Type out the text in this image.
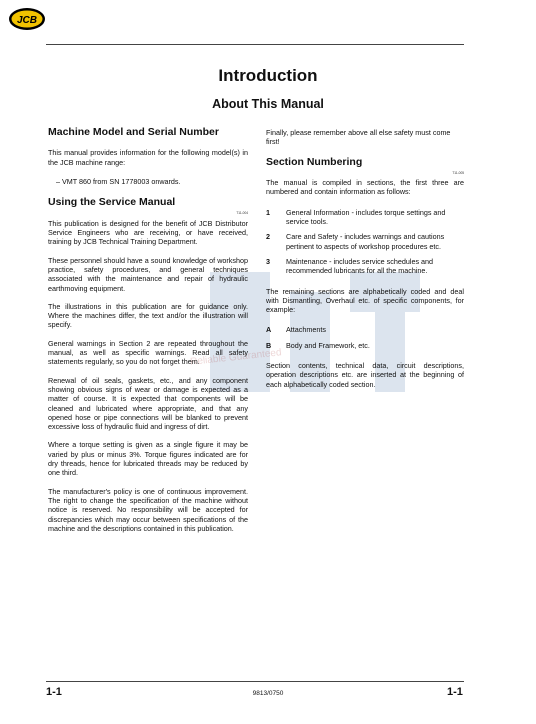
JCB
Introduction
About This Manual
Reliable Guaranteed
Machine Model and Serial Number
This manual provides information for the following model(s) in the JCB machine range:
– VMT 860 from SN 1778003 onwards.
Using the Service Manual
T11-004
This publication is designed for the benefit of JCB Distributor Service Engineers who are receiving, or have received, training by JCB Technical Training Department.
These personnel should have a sound knowledge of workshop practice, safety procedures, and general techniques associated with the maintenance and repair of hydraulic earthmoving equipment.
The illustrations in this publication are for guidance only. Where the machines differ, the text and/or the illustration will specify.
General warnings in Section 2 are repeated throughout the manual, as well as specific warnings. Read all safety statements regularly, so you do not forget them.
Renewal of oil seals, gaskets, etc., and any component showing obvious signs of wear or damage is expected as a matter of course. It is expected that components will be cleaned and lubricated where appropriate, and that any opened hose or pipe connections will be blanked to prevent excessive loss of hydraulic fluid and ingress of dirt.
Where a torque setting is given as a single figure it may be varied by plus or minus 3%. Torque figures indicated are for dry threads, hence for lubricated threads may be reduced by one third.
The manufacturer's policy is one of continuous improvement. The right to change the specification of the machine without notice is reserved. No responsibility will be accepted for discrepancies which may occur between specifications of the machine and the descriptions contained in this publication.
Finally, please remember above all else safety must come first!
Section Numbering
T11-005
The manual is compiled in sections, the first three are numbered and contain information as follows:
1	General Information - includes torque settings and service tools.
2	Care and Safety - includes warnings and cautions pertinent to aspects of workshop procedures etc.
3	Maintenance - includes service schedules and recommended lubricants for all the machine.
The remaining sections are alphabetically coded and deal with Dismantling, Overhaul etc. of specific components, for example:
A	Attachments
B	Body and Framework, etc.
Section contents, technical data, circuit descriptions, operation descriptions etc. are inserted at the beginning of each alphabetically coded section.
1-1	9813/0750	1-1
